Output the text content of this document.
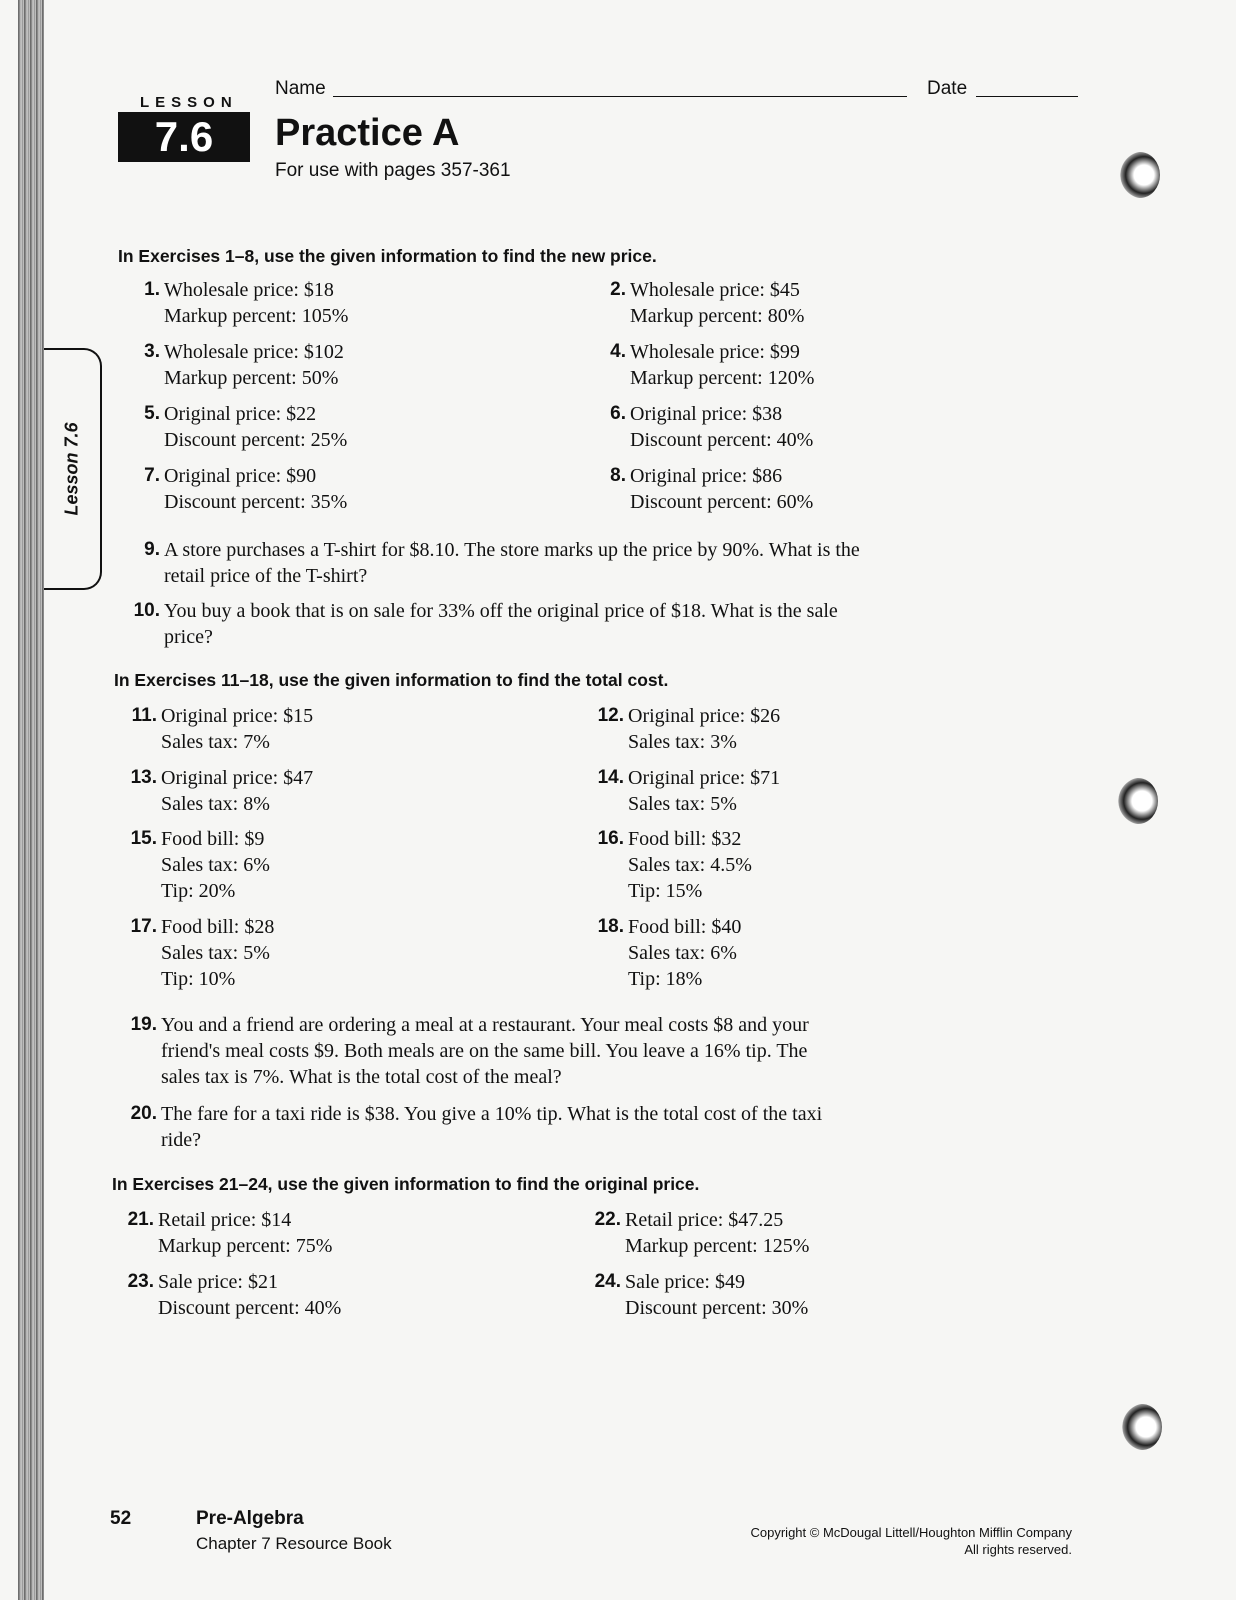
LESSON
7.6
Name	Date
Practice A
For use with pages 357-361
Lesson 7.6
In Exercises 1–8, use the given information to find the new price.
1. Wholesale price: $18
Markup percent: 105%
2. Wholesale price: $45
Markup percent: 80%
3. Wholesale price: $102
Markup percent: 50%
4. Wholesale price: $99
Markup percent: 120%
5. Original price: $22
Discount percent: 25%
6. Original price: $38
Discount percent: 40%
7. Original price: $90
Discount percent: 35%
8. Original price: $86
Discount percent: 60%
9. A store purchases a T-shirt for $8.10. The store marks up the price by 90%. What is the retail price of the T-shirt?
10. You buy a book that is on sale for 33% off the original price of $18. What is the sale price?
In Exercises 11–18, use the given information to find the total cost.
11. Original price: $15
Sales tax: 7%
12. Original price: $26
Sales tax: 3%
13. Original price: $47
Sales tax: 8%
14. Original price: $71
Sales tax: 5%
15. Food bill: $9
Sales tax: 6%
Tip: 20%
16. Food bill: $32
Sales tax: 4.5%
Tip: 15%
17. Food bill: $28
Sales tax: 5%
Tip: 10%
18. Food bill: $40
Sales tax: 6%
Tip: 18%
19. You and a friend are ordering a meal at a restaurant. Your meal costs $8 and your friend's meal costs $9. Both meals are on the same bill. You leave a 16% tip. The sales tax is 7%. What is the total cost of the meal?
20. The fare for a taxi ride is $38. You give a 10% tip. What is the total cost of the taxi ride?
In Exercises 21–24, use the given information to find the original price.
21. Retail price: $14
Markup percent: 75%
22. Retail price: $47.25
Markup percent: 125%
23. Sale price: $21
Discount percent: 40%
24. Sale price: $49
Discount percent: 30%
52	Pre-Algebra
Chapter 7 Resource Book
Copyright © McDougal Littell/Houghton Mifflin Company
All rights reserved.
